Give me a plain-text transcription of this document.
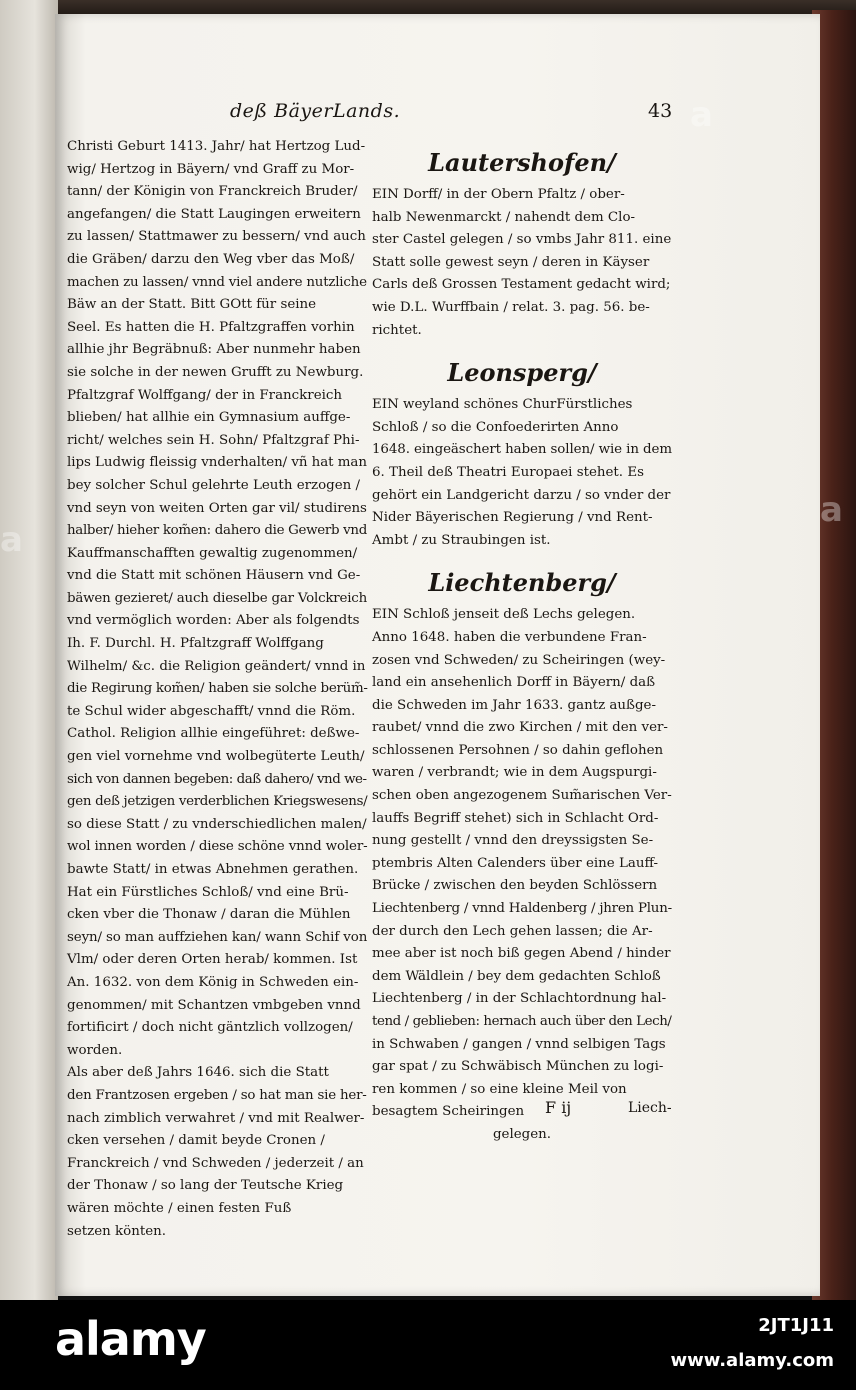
deß BäyerLands.	43
Christi Geburt 1413. Jahr/ hat Hertzog Lud-
wig/ Hertzog in Bäyern/ vnd Graff zu Mor-
tann/ der Königin von Franckreich Bruder/
angefangen/ die Statt Laugingen erweitern
zu lassen/ Stattmawer zu bessern/ vnd auch
die Gräben/ darzu den Weg vber das Moß/
machen zu lassen/ vnnd viel andere nutzliche
Bäw an der Statt. Bitt GOtt für seine
Seel. Es hatten die H. Pfaltzgraffen vorhin
allhie jhr Begräbnuß: Aber nunmehr haben
sie solche in der newen Grufft zu Newburg.
Pfaltzgraf Wolffgang/ der in Franckreich
blieben/ hat allhie ein Gymnasium auffge-
richt/ welches sein H. Sohn/ Pfaltzgraf Phi-
lips Ludwig fleissig vnderhalten/ vñ hat man
bey solcher Schul gelehrte Leuth erzogen /
vnd seyn von weiten Orten gar vil/ studirens
halber/ hieher kom̃en: dahero die Gewerb vnd
Kauffmanschafften gewaltig zugenommen/
vnd die Statt mit schönen Häusern vnd Ge-
bäwen gezieret/ auch dieselbe gar Volckreich
vnd vermöglich worden: Aber als folgendts
Ih. F. Durchl. H. Pfaltzgraff Wolffgang
Wilhelm/ &c. die Religion geändert/ vnnd in
die Regirung kom̃en/ haben sie solche berüm̃-
te Schul wider abgeschafft/ vnnd die Röm.
Cathol. Religion allhie eingeführet: deßwe-
gen viel vornehme vnd wolbegüterte Leuth/
sich von dannen begeben: daß dahero/ vnd we-
gen deß jetzigen verderblichen Kriegswesens/
so diese Statt / zu vnderschiedlichen malen/
wol innen worden / diese schöne vnnd woler-
bawte Statt/ in etwas Abnehmen gerathen.
Hat ein Fürstliches Schloß/ vnd eine Brü-
cken vber die Thonaw / daran die Mühlen
seyn/ so man auffziehen kan/ wann Schif von
Vlm/ oder deren Orten herab/ kommen. Ist
An. 1632. von dem König in Schweden ein-
genommen/ mit Schantzen vmbgeben vnnd
fortificirt / doch nicht gäntzlich vollzogen/
worden.
Als aber deß Jahrs 1646. sich die Statt
den Frantzosen ergeben / so hat man sie her-
nach zimblich verwahret / vnd mit Realwer-
cken versehen / damit beyde Cronen /
Franckreich / vnd Schweden / jederzeit / an
der Thonaw / so lang der Teutsche Krieg
wären möchte / einen festen Fuß
setzen könten.
Lautershofen/
EIN Dorff/ in der Obern Pfaltz / ober-
halb Newenmarckt / nahendt dem Clo-
ster Castel gelegen / so vmbs Jahr 811. eine
Statt solle gewest seyn / deren in Käyser
Carls deß Grossen Testament gedacht wird;
wie D.L. Wurffbain / relat. 3. pag. 56. be-
richtet.
Leonsperg/
EIN weyland schönes ChurFürstliches
Schloß / so die Confoederirten Anno
1648. eingeäschert haben sollen/ wie in dem
6. Theil deß Theatri Europaei stehet. Es
gehört ein Landgericht darzu / so vnder der
Nider Bäyerischen Regierung / vnd Rent-
Ambt / zu Straubingen ist.
Liechtenberg/
EIN Schloß jenseit deß Lechs gelegen.
Anno 1648. haben die verbundene Fran-
zosen vnd Schweden/ zu Scheiringen (wey-
land ein ansehenlich Dorff in Bäyern/ daß
die Schweden im Jahr 1633. gantz außge-
raubet/ vnnd die zwo Kirchen / mit den ver-
schlossenen Persohnen / so dahin geflohen
waren / verbrandt; wie in dem Augspurgi-
schen oben angezogenem Sum̃arischen Ver-
lauffs Begriff stehet) sich in Schlacht Ord-
nung gestellt / vnnd den dreyssigsten Se-
ptembris Alten Calenders über eine Lauff-
Brücke / zwischen den beyden Schlössern
Liechtenberg / vnnd Haldenberg / jhren Plun-
der durch den Lech gehen lassen; die Ar-
mee aber ist noch biß gegen Abend / hinder
dem Wäldlein / bey dem gedachten Schloß
Liechtenberg / in der Schlachtordnung hal-
tend / geblieben: hernach auch über den Lech/
in Schwaben / gangen / vnnd selbigen Tags
gar spat / zu Schwäbisch München zu logi-
ren kommen / so eine kleine Meil von
besagtem Scheiringen
gelegen.
F ij	Liech-
a
a
a
alamy	2JT1J11
www.alamy.com
